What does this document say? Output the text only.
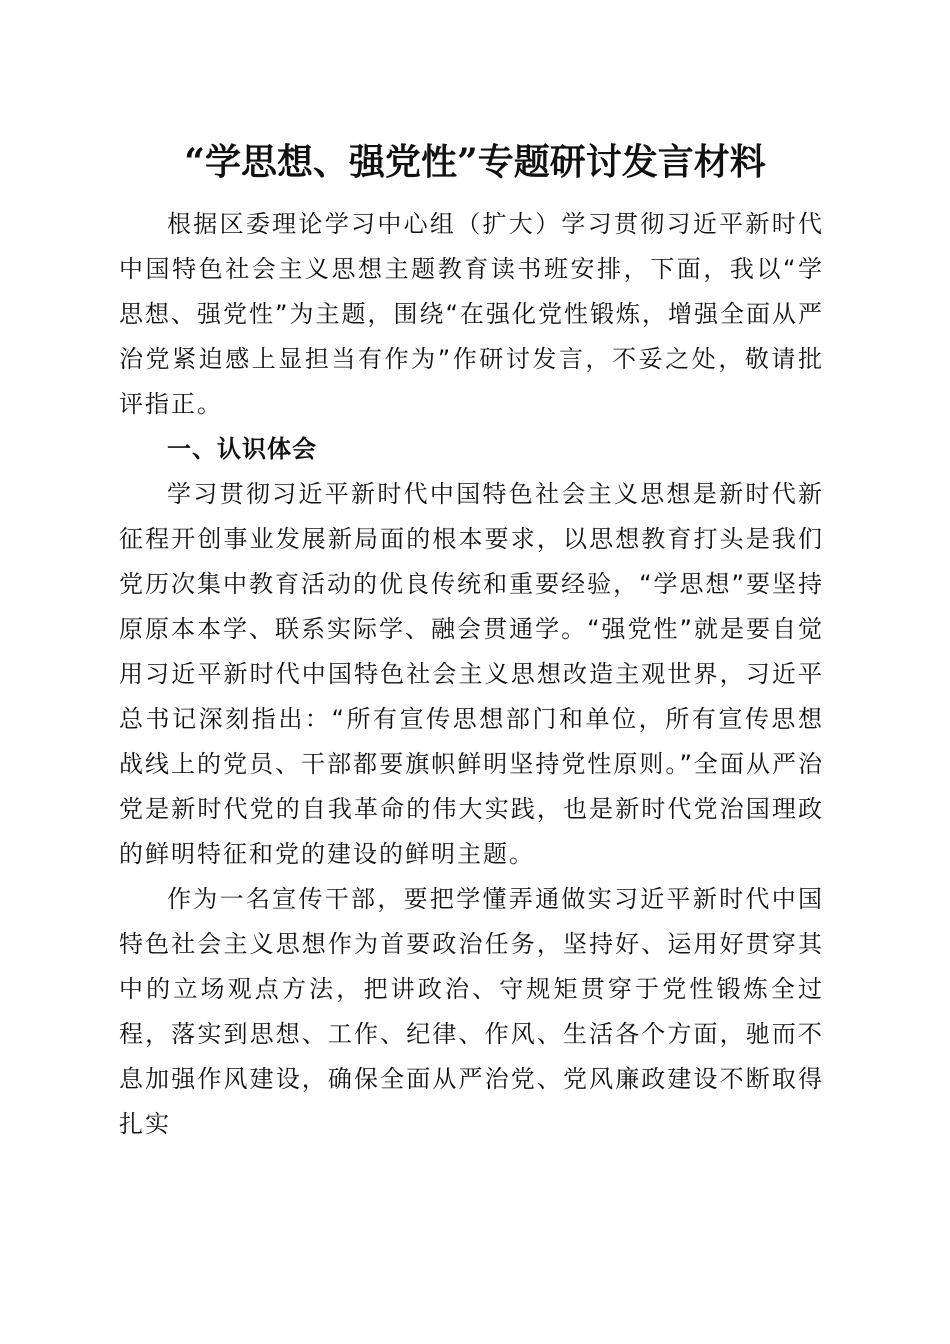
“学思想、强党性”专题研讨发言材料

根据区委理论学习中心组（扩大）学习贯彻习近平新时代中国特色社会主义思想主题教育读书班安排，下面，我以“学思想、强党性”为主题，围绕“在强化党性锻炼，增强全面从严治党紧迫感上显担当有作为”作研讨发言，不妥之处，敬请批评指正。

一、认识体会

学习贯彻习近平新时代中国特色社会主义思想是新时代新征程开创事业发展新局面的根本要求，以思想教育打头是我们党历次集中教育活动的优良传统和重要经验，“学思想”要坚持原原本本学、联系实际学、融会贯通学。“强党性”就是要自觉用习近平新时代中国特色社会主义思想改造主观世界，习近平总书记深刻指出：“所有宣传思想部门和单位，所有宣传思想战线上的党员、干部都要旗帜鲜明坚持党性原则。”全面从严治党是新时代党的自我革命的伟大实践，也是新时代党治国理政的鲜明特征和党的建设的鲜明主题。

作为一名宣传干部，要把学懂弄通做实习近平新时代中国特色社会主义思想作为首要政治任务，坚持好、运用好贯穿其中的立场观点方法，把讲政治、守规矩贯穿于党性锻炼全过程，落实到思想、工作、纪律、作风、生活各个方面，驰而不息加强作风建设，确保全面从严治党、党风廉政建设不断取得扎实
